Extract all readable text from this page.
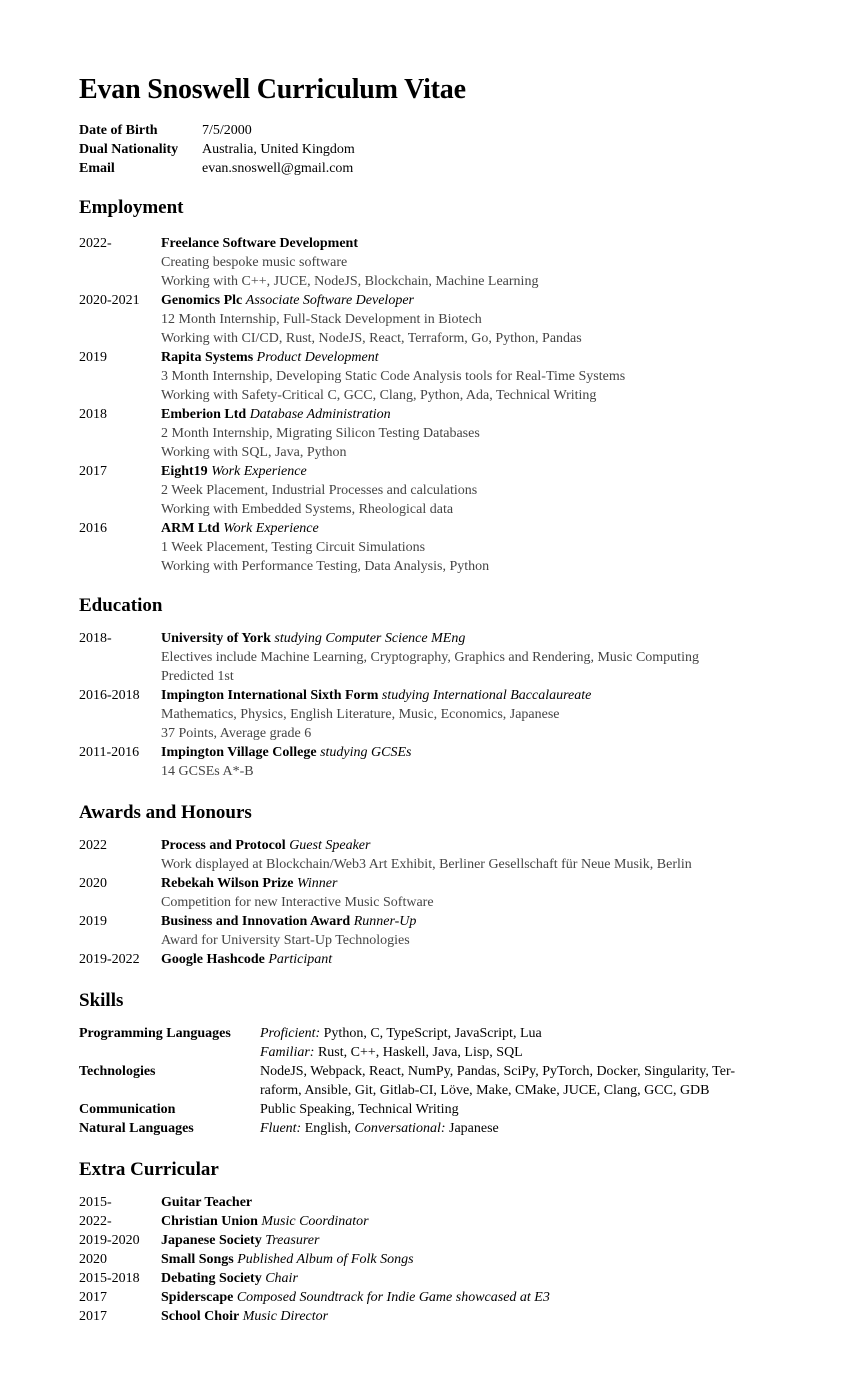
Evan Snoswell Curriculum Vitae
Date of Birth	7/5/2000
Dual Nationality	Australia, United Kingdom
Email	evan.snoswell@gmail.com
Employment
2022-	Freelance Software Development
Creating bespoke music software
Working with C++, JUCE, NodeJS, Blockchain, Machine Learning
2020-2021	Genomics Plc Associate Software Developer
12 Month Internship, Full-Stack Development in Biotech
Working with CI/CD, Rust, NodeJS, React, Terraform, Go, Python, Pandas
2019	Rapita Systems Product Development
3 Month Internship, Developing Static Code Analysis tools for Real-Time Systems
Working with Safety-Critical C, GCC, Clang, Python, Ada, Technical Writing
2018	Emberion Ltd Database Administration
2 Month Internship, Migrating Silicon Testing Databases
Working with SQL, Java, Python
2017	Eight19 Work Experience
2 Week Placement, Industrial Processes and calculations
Working with Embedded Systems, Rheological data
2016	ARM Ltd Work Experience
1 Week Placement, Testing Circuit Simulations
Working with Performance Testing, Data Analysis, Python
Education
2018-	University of York studying Computer Science MEng
Electives include Machine Learning, Cryptography, Graphics and Rendering, Music Computing
Predicted 1st
2016-2018	Impington International Sixth Form studying International Baccalaureate
Mathematics, Physics, English Literature, Music, Economics, Japanese
37 Points, Average grade 6
2011-2016	Impington Village College studying GCSEs
14 GCSEs A*-B
Awards and Honours
2022	Process and Protocol Guest Speaker
Work displayed at Blockchain/Web3 Art Exhibit, Berliner Gesellschaft für Neue Musik, Berlin
2020	Rebekah Wilson Prize Winner
Competition for new Interactive Music Software
2019	Business and Innovation Award Runner-Up
Award for University Start-Up Technologies
2019-2022	Google Hashcode Participant
Skills
Programming Languages	Proficient: Python, C, TypeScript, JavaScript, Lua
Familiar: Rust, C++, Haskell, Java, Lisp, SQL
Technologies	NodeJS, Webpack, React, NumPy, Pandas, SciPy, PyTorch, Docker, Singularity, Ter-
raform, Ansible, Git, Gitlab-CI, Löve, Make, CMake, JUCE, Clang, GCC, GDB
Communication	Public Speaking, Technical Writing
Natural Languages	Fluent: English, Conversational: Japanese
Extra Curricular
2015-	Guitar Teacher
2022-	Christian Union Music Coordinator
2019-2020	Japanese Society Treasurer
2020	Small Songs Published Album of Folk Songs
2015-2018	Debating Society Chair
2017	Spiderscape Composed Soundtrack for Indie Game showcased at E3
2017	School Choir Music Director
